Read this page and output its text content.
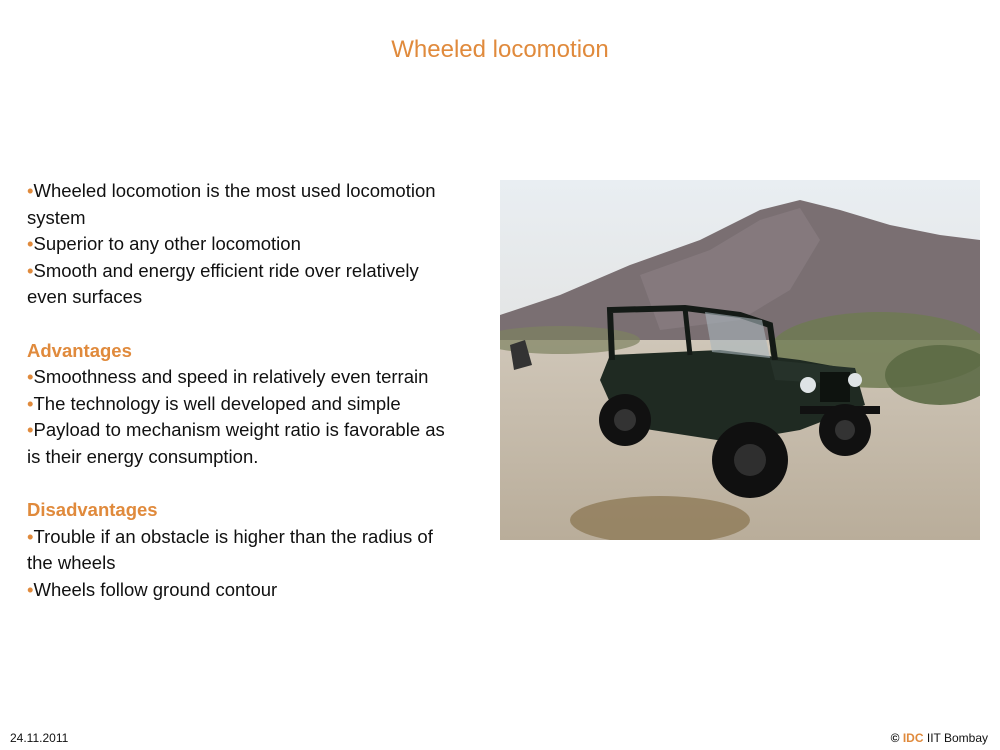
Wheeled locomotion

•Wheeled locomotion is the most used locomotion

system

•Superior to any other locomotion

•Smooth and energy efficient ride over relatively

even surfaces

Advantages

•Smoothness and speed in relatively even terrain

•The technology is well developed and simple

•Payload to mechanism weight ratio is favorable as

is their energy consumption.

Disadvantages

•Trouble if an obstacle is higher than the radius of

the wheels

•Wheels follow ground contour

24.11.2011	© IDC IIT Bombay
